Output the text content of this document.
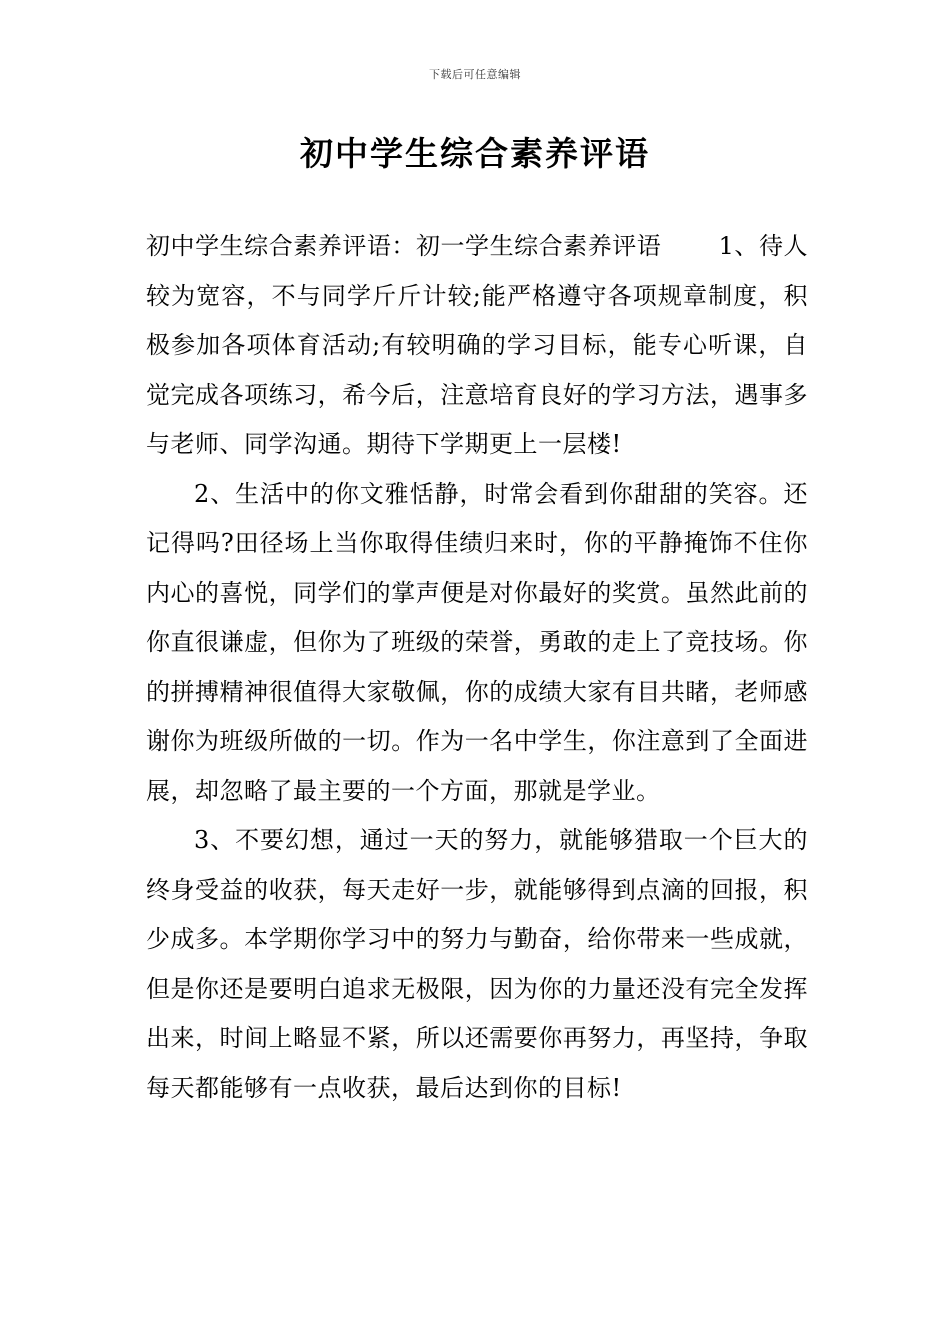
下载后可任意编辑
初中学生综合素养评语

初中学生综合素养评语：初一学生综合素养评语 　　1、待人较为宽容，不与同学斤斤计较;能严格遵守各项规章制度，积极参加各项体育活动;有较明确的学习目标，能专心听课，自觉完成各项练习，希今后，注意培育良好的学习方法，遇事多与老师、同学沟通。期待下学期更上一层楼!

2、生活中的你文雅恬静，时常会看到你甜甜的笑容。还记得吗?田径场上当你取得佳绩归来时，你的平静掩饰不住你内心的喜悦，同学们的掌声便是对你最好的奖赏。虽然此前的你直很谦虚，但你为了班级的荣誉，勇敢的走上了竞技场。你的拼搏精神很值得大家敬佩，你的成绩大家有目共睹，老师感谢你为班级所做的一切。作为一名中学生，你注意到了全面进展，却忽略了最主要的一个方面，那就是学业。

3、不要幻想，通过一天的努力，就能够猎取一个巨大的终身受益的收获，每天走好一步，就能够得到点滴的回报，积少成多。本学期你学习中的努力与勤奋，给你带来一些成就，但是你还是要明白追求无极限，因为你的力量还没有完全发挥出来，时间上略显不紧，所以还需要你再努力，再坚持，争取每天都能够有一点收获，最后达到你的目标!
